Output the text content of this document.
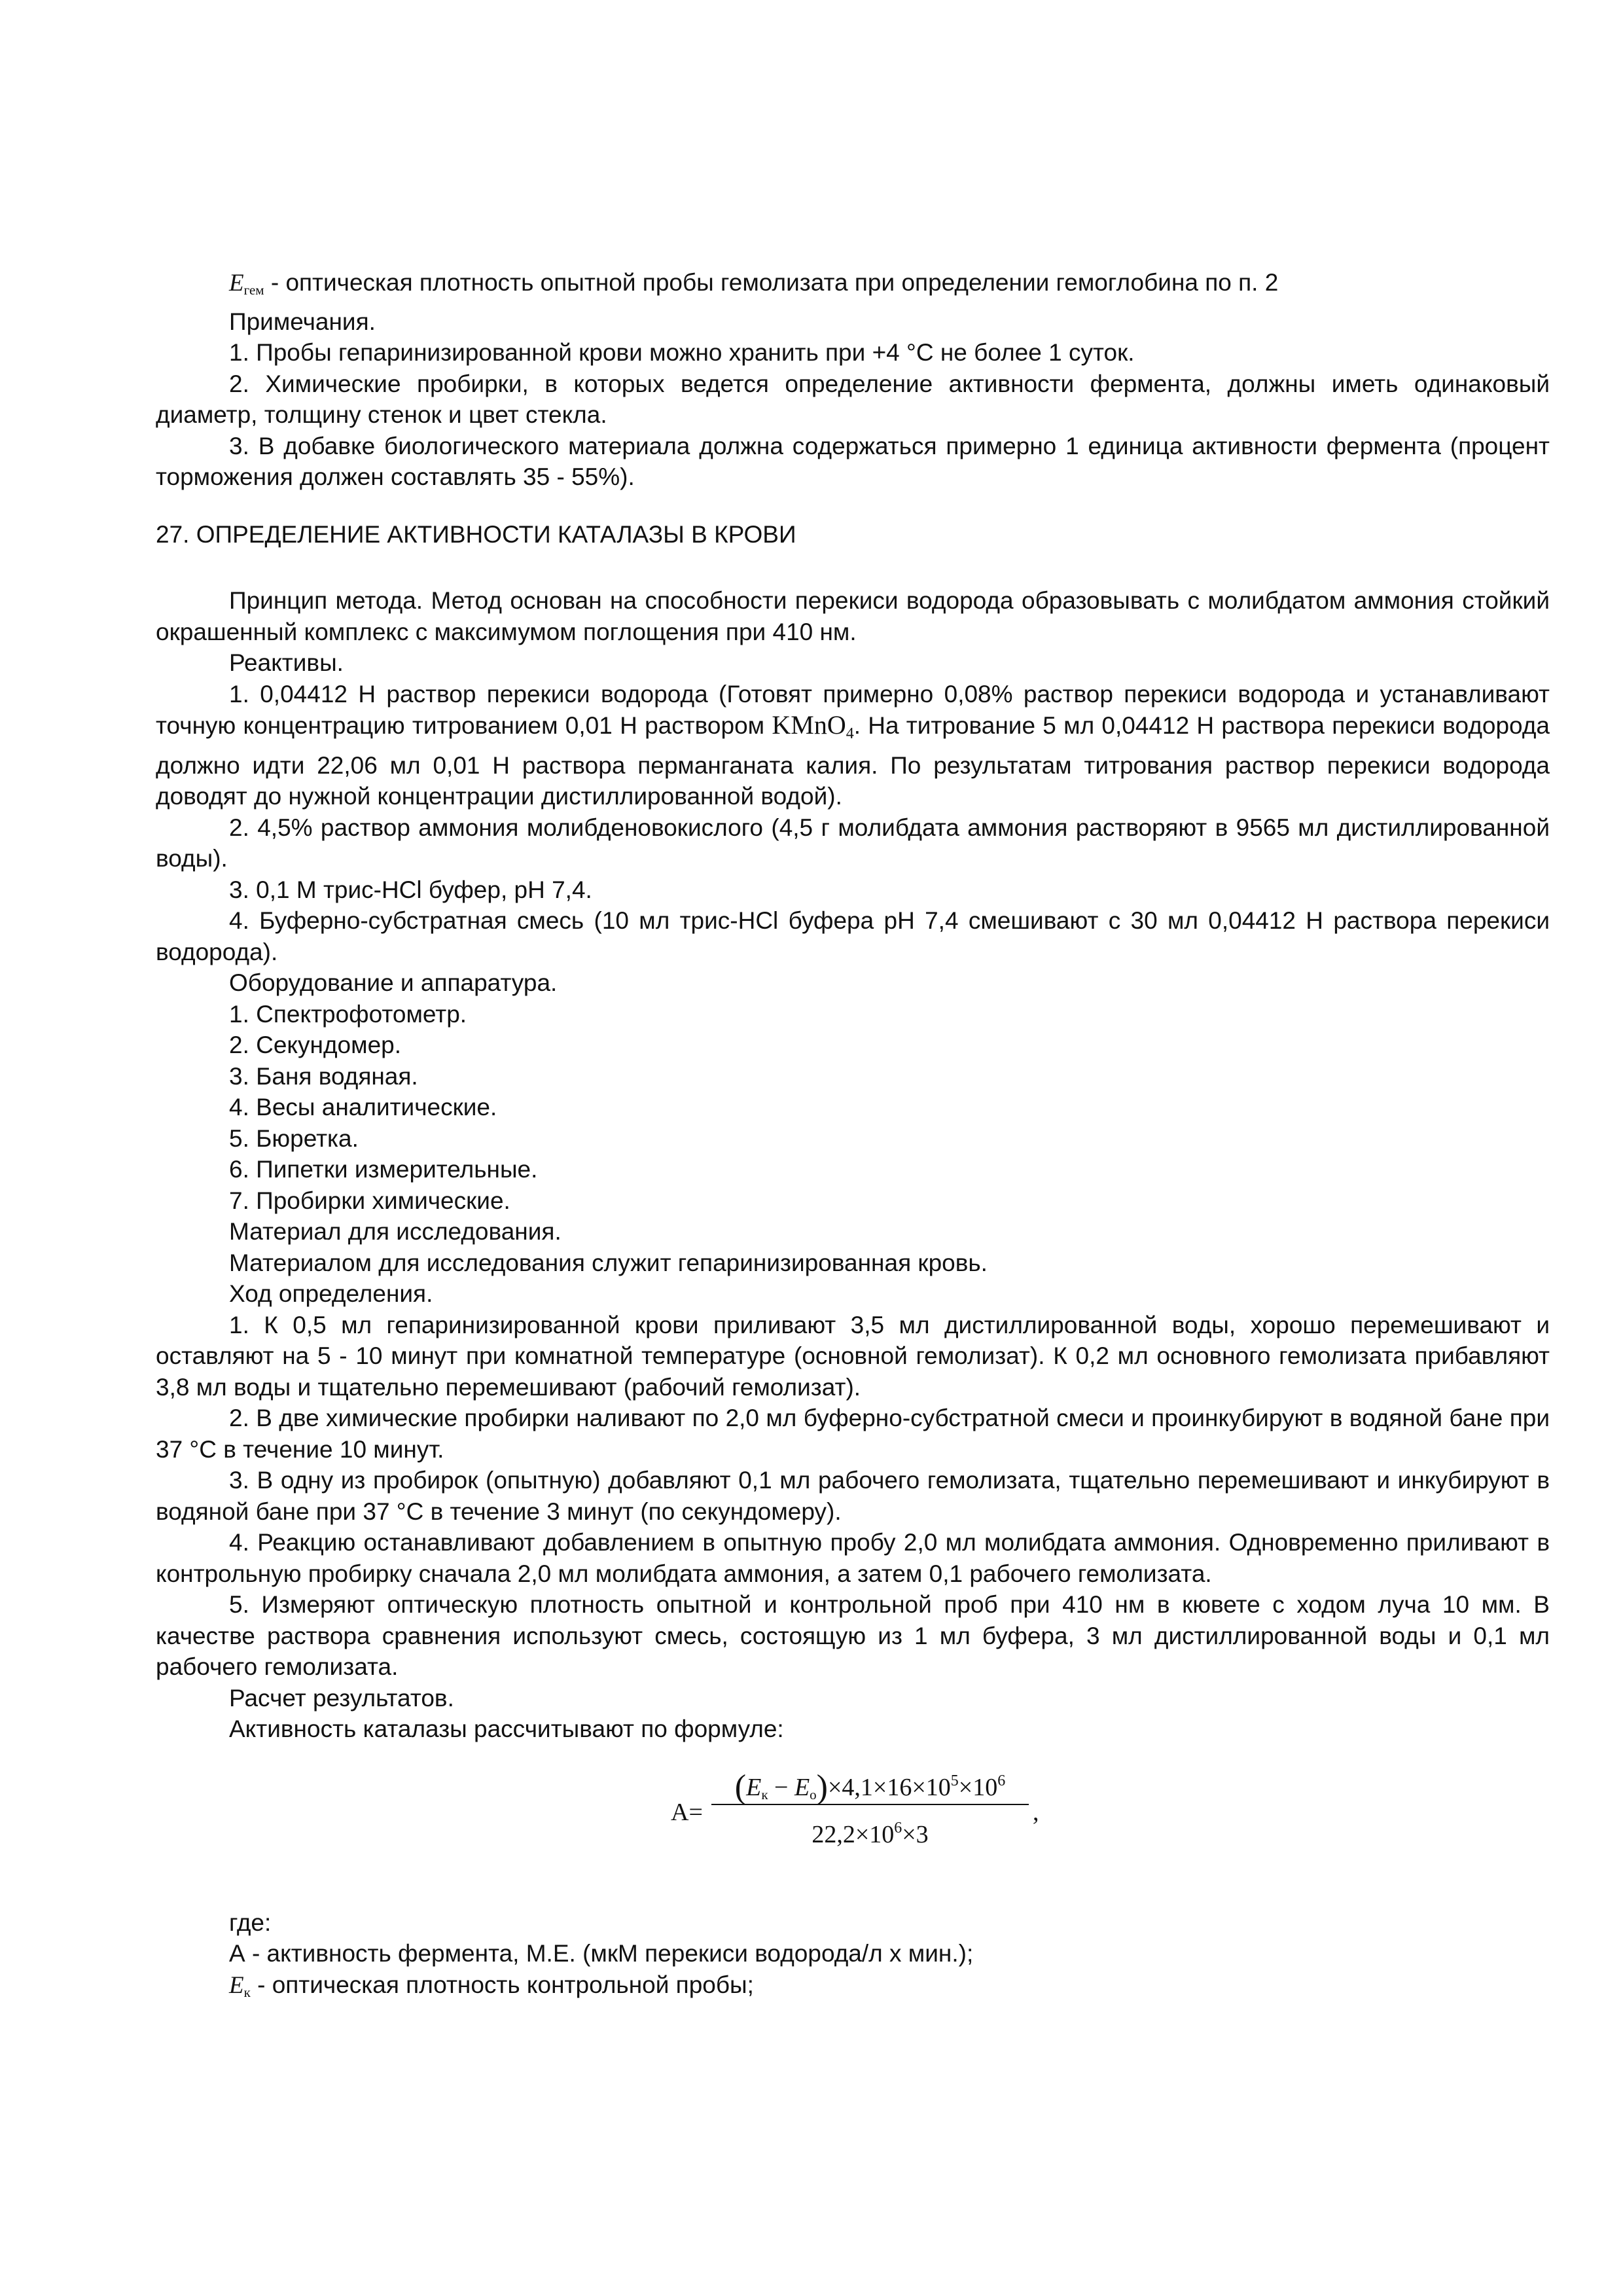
$E_{гем}$ - оптическая плотность опытной пробы гемолизата при определении гемоглобина по п. 2

Примечания.

1. Пробы гепаринизированной крови можно хранить при +4 °С не более 1 суток.

2. Химические пробирки, в которых ведется определение активности фермента, должны иметь одинаковый диаметр, толщину стенок и цвет стекла.

3. В добавке биологического материала должна содержаться примерно 1 единица активности фермента (процент торможения должен составлять 35 - 55%).

27. ОПРЕДЕЛЕНИЕ АКТИВНОСТИ КАТАЛАЗЫ В КРОВИ

Принцип метода. Метод основан на способности перекиси водорода образовывать с молибдатом аммония стойкий окрашенный комплекс с максимумом поглощения при 410 нм.

Реактивы.

1. 0,04412 Н раствор перекиси водорода (Готовят примерно 0,08% раствор перекиси водорода и устанавливают точную концентрацию титрованием 0,01 Н раствором KMnO4. На титрование 5 мл 0,04412 Н раствора перекиси водорода должно идти 22,06 мл 0,01 Н раствора перманганата калия. По результатам титрования раствор перекиси водорода доводят до нужной концентрации дистиллированной водой).

2. 4,5% раствор аммония молибденовокислого (4,5 г молибдата аммония растворяют в 9565 мл дистиллированной воды).

3. 0,1 М трис-HCl буфер, рН 7,4.

4. Буферно-субстратная смесь (10 мл трис-HCl буфера рН 7,4 смешивают с 30 мл 0,04412 Н раствора перекиси водорода).

Оборудование и аппаратура.

1. Спектрофотометр.

2. Секундомер.

3. Баня водяная.

4. Весы аналитические.

5. Бюретка.

6. Пипетки измерительные.

7. Пробирки химические.

Материал для исследования.

Материалом для исследования служит гепаринизированная кровь.

Ход определения.

1. К 0,5 мл гепаринизированной крови приливают 3,5 мл дистиллированной воды, хорошо перемешивают и оставляют на 5 - 10 минут при комнатной температуре (основной гемолизат). К 0,2 мл основного гемолизата прибавляют 3,8 мл воды и тщательно перемешивают (рабочий гемолизат).

2. В две химические пробирки наливают по 2,0 мл буферно-субстратной смеси и проинкубируют в водяной бане при 37 °С в течение 10 минут.

3. В одну из пробирок (опытную) добавляют 0,1 мл рабочего гемолизата, тщательно перемешивают и инкубируют в водяной бане при 37 °С в течение 3 минут (по секундомеру).

4. Реакцию останавливают добавлением в опытную пробу 2,0 мл молибдата аммония. Одновременно приливают в контрольную пробирку сначала 2,0 мл молибдата аммония, а затем 0,1 рабочего гемолизата.

5. Измеряют оптическую плотность опытной и контрольной проб при 410 нм в кювете с ходом луча 10 мм. В качестве раствора сравнения используют смесь, состоящую из 1 мл буфера, 3 мл дистиллированной воды и 0,1 мл рабочего гемолизата.

Расчет результатов.

Активность каталазы рассчитывают по формуле:

A=
$(E_к - E_о)\times 4,1\times 16\times 10^5\times 10^6$
$22,2\times 10^6\times 3$
,

где:

А - активность фермента, М.Е. (мкМ перекиси водорода/л х мин.);

$E_к$ - оптическая плотность контрольной пробы;
